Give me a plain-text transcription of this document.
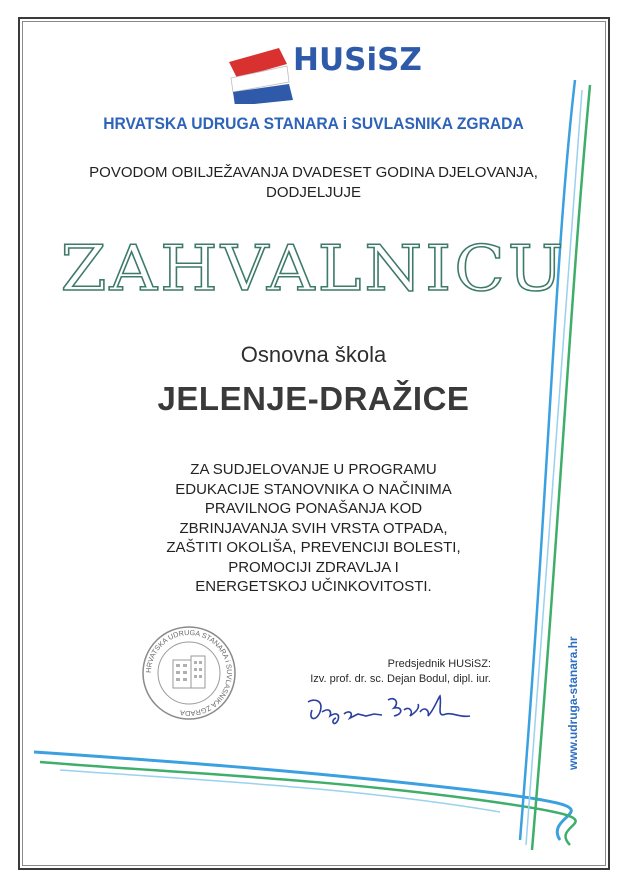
HUSiSZ
HRVATSKA UDRUGA STANARA i SUVLASNIKA ZGRADA
POVODOM OBILJEŽAVANJA DVADESET GODINA DJELOVANJA,
DODJELJUJE
ZAHVALNICU
Osnovna škola
JELENJE-DRAŽICE
ZA SUDJELOVANJE U PROGRAMU
EDUKACIJE STANOVNIKA O NAČINIMA
PRAVILNOG PONAŠANJA KOD
ZBRINJAVANJA SVIH VRSTA OTPADA,
ZAŠTITI OKOLIŠA, PREVENCIJI BOLESTI,
PROMOCIJI ZDRAVLJA I
ENERGETSKOJ UČINKOVITOSTI.
HRVATSKA UDRUGA STANARA i SUVLASNIKA ZGRADA
Predsjednik HUSiSZ:
Izv. prof. dr. sc. Dejan Bodul, dipl. iur.	www.udruga-stanara.hr
